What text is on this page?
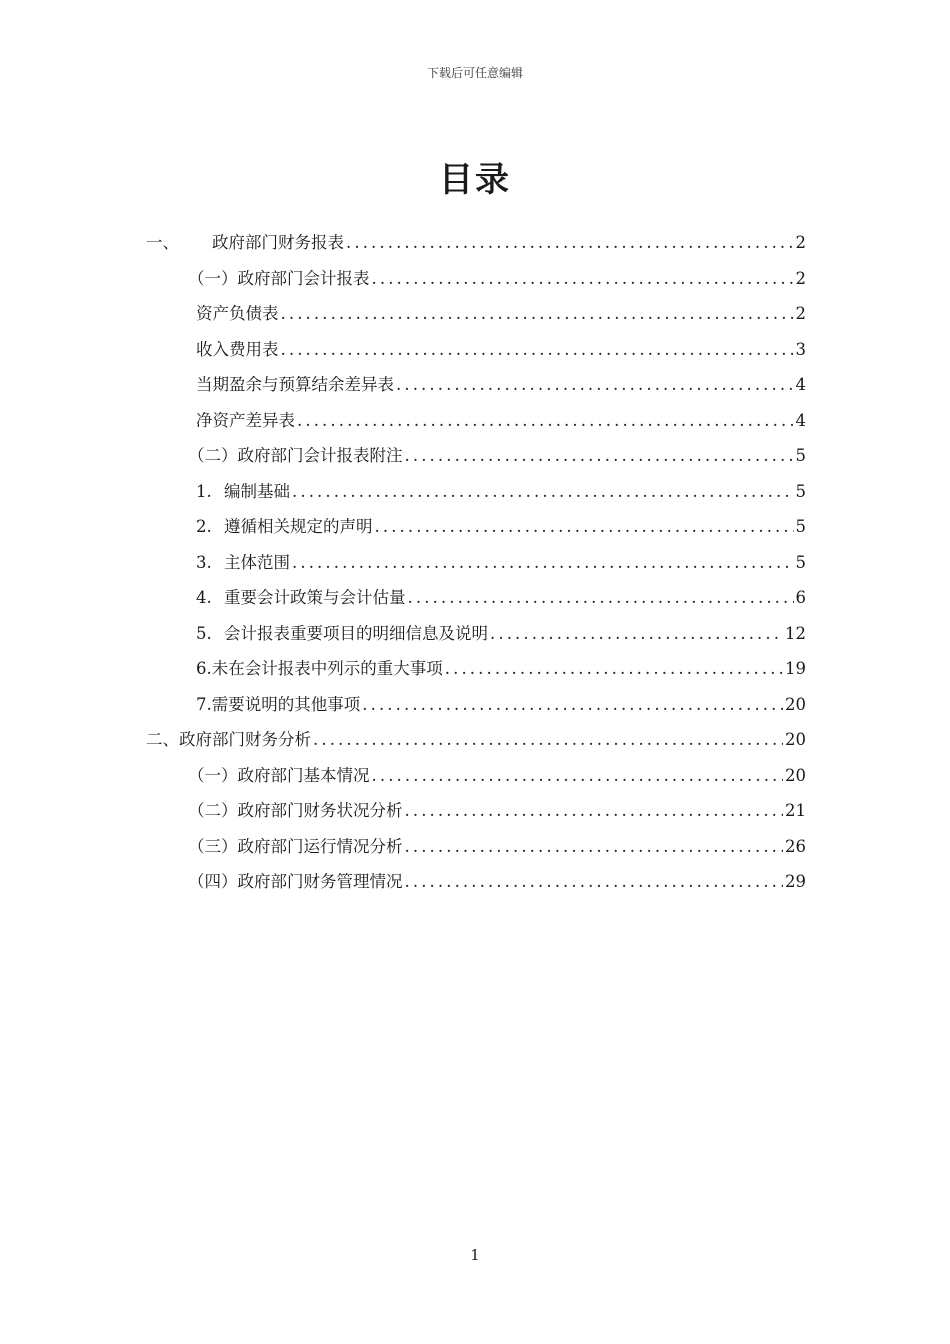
下载后可任意编辑
目录
一、	政府部门财务报表 .....	2
（一）政府部门会计报表 .....	2
资产负债表 .....	2
收入费用表 .....	3
当期盈余与预算结余差异表 .....	4
净资产差异表 .....	4
（二）政府部门会计报表附注 .....	5
1. 编制基础 .....	5
2. 遵循相关规定的声明 .....	5
3. 主体范围 .....	5
4. 重要会计政策与会计估量 .....	6
5. 会计报表重要项目的明细信息及说明 .....	12
6.未在会计报表中列示的重大事项 .....	19
7.需要说明的其他事项 .....	20
二、政府部门财务分析 .....	20
（一）政府部门基本情况 .....	20
（二）政府部门财务状况分析 .....	21
（三）政府部门运行情况分析 .....	26
（四）政府部门财务管理情况 .....	29
1
